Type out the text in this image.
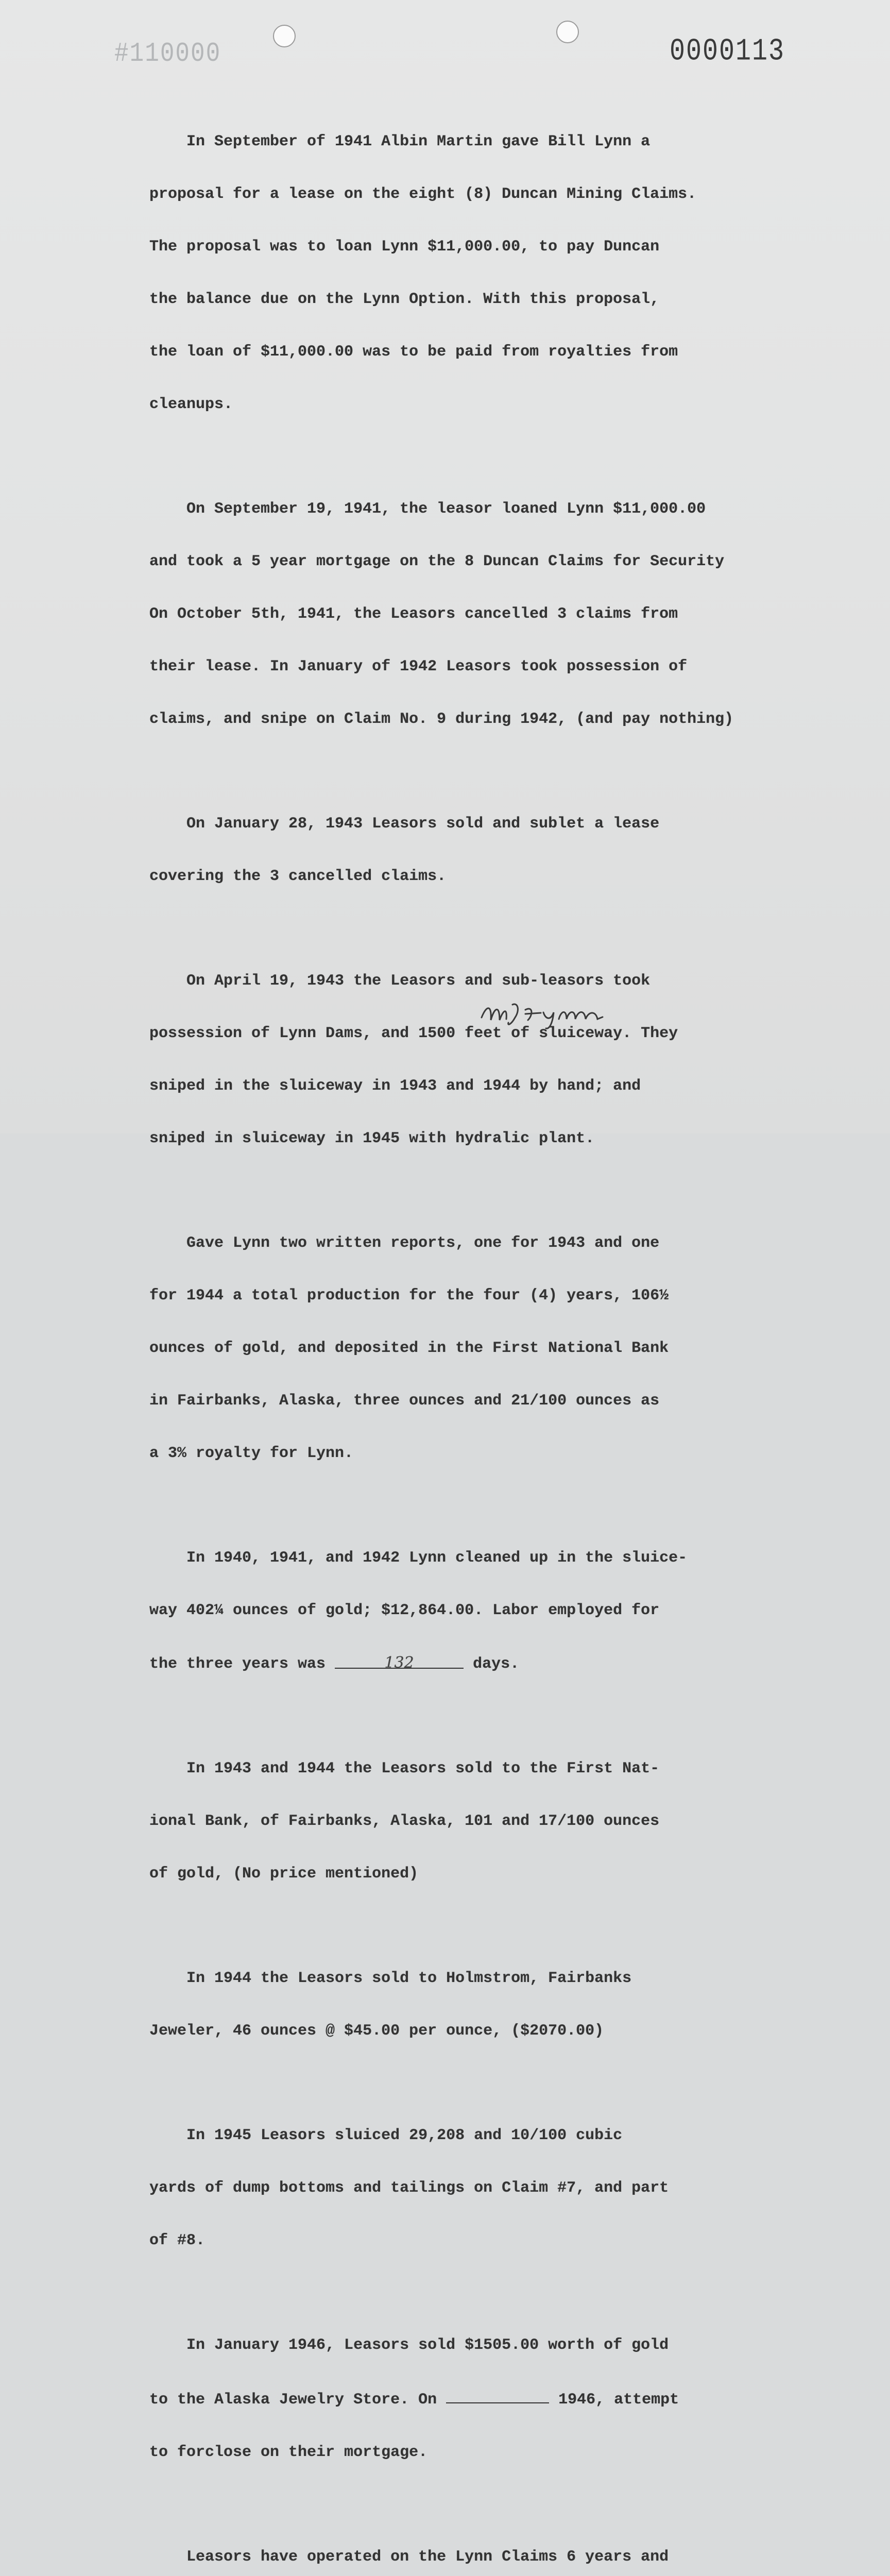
#110000	0000113

In September of 1941 Albin Martin gave Bill Lynn a

proposal for a lease on the eight (8) Duncan Mining Claims.

The proposal was to loan Lynn $11,000.00, to pay Duncan

the balance due on the Lynn Option. With this proposal,

the loan of $11,000.00 was to be paid from royalties from

cleanups.

On September 19, 1941, the leasor loaned Lynn $11,000.00

and took a 5 year mortgage on the 8 Duncan Claims for Security

On October 5th, 1941, the Leasors cancelled 3 claims from

their lease. In January of 1942 Leasors took possession of

claims, and snipe on Claim No. 9 during 1942, (and pay nothing)

On January 28, 1943 Leasors sold and sublet a lease

covering the 3 cancelled claims.

On April 19, 1943 the Leasors and sub-leasors took

possession of Lynn Dams, and 1500 feet of sluiceway. They

sniped in the sluiceway in 1943 and 1944 by hand; and

sniped in sluiceway in 1945 with hydralic plant.

Gave Lynn two written reports, one for 1943 and one

for 1944 a total production for the four (4) years, 106½

ounces of gold, and deposited in the First National Bank

in Fairbanks, Alaska, three ounces and 21/100 ounces as

a 3% royalty for Lynn.

In 1940, 1941, and 1942 Lynn cleaned up in the sluice-

way 402¼ ounces of gold; $12,864.00. Labor employed for

the three years was	132	days.

In 1943 and 1944 the Leasors sold to the First Nat-

ional Bank, of Fairbanks, Alaska, 101 and 17/100 ounces

of gold, (No price mentioned)

In 1944 the Leasors sold to Holmstrom, Fairbanks

Jeweler, 46 ounces @ $45.00 per ounce, ($2070.00)

In 1945 Leasors sluiced 29,208 and 10/100 cubic

yards of dump bottoms and tailings on Claim #7, and part

of #8.

In January 1946, Leasors sold $1505.00 worth of gold

to the Alaska Jewelry Store. On	1946, attempt

to forclose on their mortgage.

Leasors have operated on the Lynn Claims 6 years and
